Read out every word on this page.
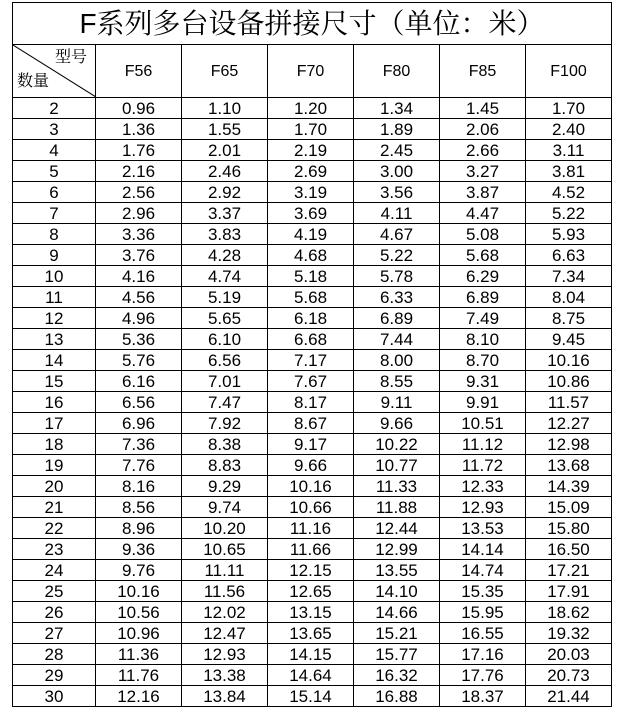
F系列多台设备拼接尺寸（单位：米）
型号
数量	F56	F65	F70	F80	F85	F100
2	0.96	1.10	1.20	1.34	1.45	1.70
3	1.36	1.55	1.70	1.89	2.06	2.40
4	1.76	2.01	2.19	2.45	2.66	3.11
5	2.16	2.46	2.69	3.00	3.27	3.81
6	2.56	2.92	3.19	3.56	3.87	4.52
7	2.96	3.37	3.69	4.11	4.47	5.22
8	3.36	3.83	4.19	4.67	5.08	5.93
9	3.76	4.28	4.68	5.22	5.68	6.63
10	4.16	4.74	5.18	5.78	6.29	7.34
11	4.56	5.19	5.68	6.33	6.89	8.04
12	4.96	5.65	6.18	6.89	7.49	8.75
13	5.36	6.10	6.68	7.44	8.10	9.45
14	5.76	6.56	7.17	8.00	8.70	10.16
15	6.16	7.01	7.67	8.55	9.31	10.86
16	6.56	7.47	8.17	9.11	9.91	11.57
17	6.96	7.92	8.67	9.66	10.51	12.27
18	7.36	8.38	9.17	10.22	11.12	12.98
19	7.76	8.83	9.66	10.77	11.72	13.68
20	8.16	9.29	10.16	11.33	12.33	14.39
21	8.56	9.74	10.66	11.88	12.93	15.09
22	8.96	10.20	11.16	12.44	13.53	15.80
23	9.36	10.65	11.66	12.99	14.14	16.50
24	9.76	11.11	12.15	13.55	14.74	17.21
25	10.16	11.56	12.65	14.10	15.35	17.91
26	10.56	12.02	13.15	14.66	15.95	18.62
27	10.96	12.47	13.65	15.21	16.55	19.32
28	11.36	12.93	14.15	15.77	17.16	20.03
29	11.76	13.38	14.64	16.32	17.76	20.73
30	12.16	13.84	15.14	16.88	18.37	21.44
